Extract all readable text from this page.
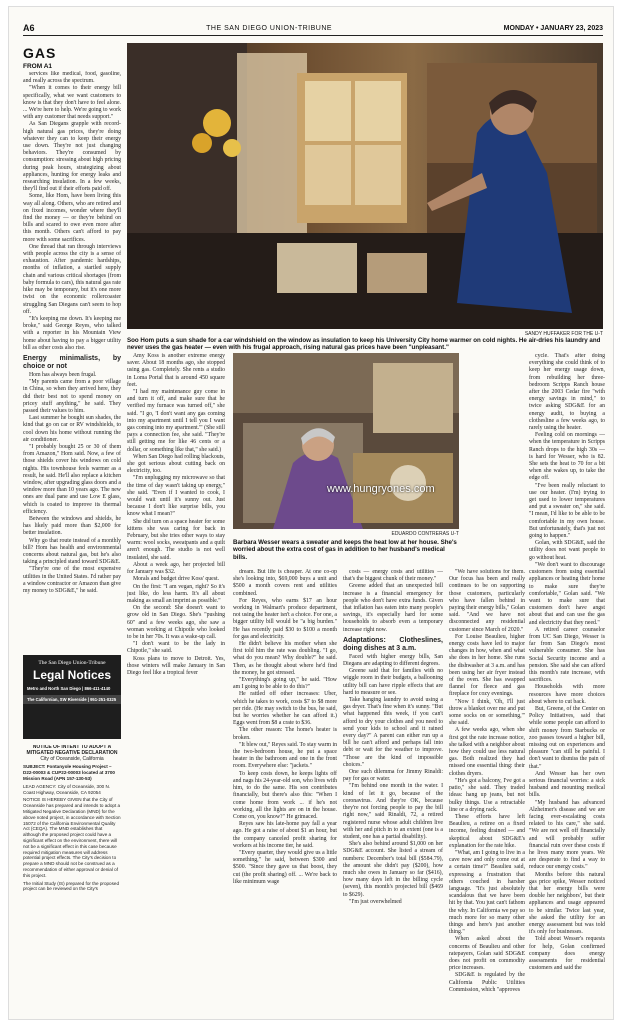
A6	THE SAN DIEGO UNION-TRIBUNE	MONDAY • JANUARY 23, 2023
GAS
FROM A1

services like medical, food, gasoline, and really across the spectrum.

"When it comes to their energy bill specifically, what we want customers to know is that they don't have to feel alone. ... We're here to help. We're going to work with any customer that needs support."

As San Diegans grapple with record-high natural gas prices, they're doing whatever they can to keep their energy use down. They're not just changing behaviors. They're consumed by consumption: stressing about high pricing during peak hours, strategizing about appliances, hunting for energy leaks and researching insulation. In a few weeks, they'll find out if their efforts paid off.

Some, like Hom, have been living this way all along. Others, who are retired and on fixed incomes, wonder where they'll find the money — or they're behind on bills and scared to owe even more after this month. Others can't afford to pay more with some sacrifices.

One thread that ran through interviews with people across the city is a sense of exhaustion. After pandemic hardships, months of inflation, a startled supply chain and various critical shortages (from baby formula to cars), this natural gas rate hike may be temporary, but it's one more twist on the economic rollercoaster struggling San Diegans can't seem to hop off.

"It's keeping me down. It's keeping me broke," said George Reyes, who talked with a reporter in his Mountain View home about having to pay a bigger utility bill as other costs also rise.

Energy minimalists, by choice or not

Hom has always been frugal.

"My parents came from a poor village in China, so when they arrived here, they did their best not to spend money on pricey stuff anything," he said. They passed their values to him.

Last summer he bought sun shades, the kind that go on car or RV windshields, to cool down his home without running the air conditioner.

"I probably bought 25 or 30 of them from Amazon," Hom said. Now, a few of those shields cover his windows on cold nights. His townhouse feels warmer as a result, he said. He'll also replace a kitchen window, after upgrading glass doors and a window more than 10 years ago. The new ones are dual pane and use Low E glass, which is coated to improve its thermal efficiency.

Between the windows and shields, he has likely paid more than $2,000 for better insulation.

Why go that route instead of a monthly bill? Hom has health and environmental concerns about natural gas, but he's also taking a principled stand toward SDG&E.

"They're one of the most expensive utilities in the United States. I'd rather pay a window contractor or Amazon than give my money to SDG&E," he said.

SANDY HUFFAKER FOR THE U-T
Soo Hom puts a sun shade for a car windshield on the window as insulation to keep his University City home warmer on cold nights. He air-dries his laundry and never uses the gas heater — even with his frugal approach, rising natural gas prices have been "unpleasant."

Amy Koss is another extreme energy saver. About 18 months ago, she stopped using gas. Completely. She rents a studio in Loma Portal that is around 450 square feet.

"I had my maintenance guy come in and turn it off, and make sure that he verified my furnace was turned off," she said. "I go, 'I don't want any gas coming into my apartment until I tell you I want gas coming into my apartment.'" (She still pays a connection fee, she said. "They're still getting me for like 46 cents or a dollar, or something like that," she said.)

When San Diego had rolling blackouts, she got serious about cutting back on electricity, too.

"I'm unplugging my microwave so that the time of day wasn't taking up energy," she said. "Even if I wanted to cook, I would wait until it's sunny out. Just because I don't like surprise bills, you know what I mean?"

She did turn on a space heater for some kittens she was caring for back in February, but she tries other ways to stay warm: wool socks, sweatpants and a quilt aren't enough. The studio is not well insulated, she said.

About a week ago, her projected bill for January was $32.

Morals and budget drive Koss' quest.

On the first: "I am vegan, right? So it's just like, do less harm. It's all about making as small an imprint as possible."

On the second: She doesn't want to grow old in San Diego. She's "pushing 60" and a few weeks ago, she saw a woman working at Chipotle who looked to be in her 70s. It was a wake-up call.

"I don't want to be the lady in Chipotle," she said.

Koss plans to move to Detroit. Yes, those winters will make January in San Diego feel like a tropical fever

www.hungryones.com
EDUARDO CONTRERAS U-T
Barbara Wesser wears a sweater and keeps the heat low at her house. She's worried about the extra cost of gas in addition to her husband's medical bills.

dream. But life is cheaper. At one co-op she's looking into, $69,000 buys a unit and $500 a month covers rent and utilities combined.

For Reyes, who earns $17 an hour working in Walmart's produce department, not using the heater isn't a choice. For one, a bigger utility bill would be "a big burden." He has recently paid $30 to $100 a month for gas and electricity.

He didn't believe his mother when she first told him the rate was doubling. "I go, what do you mean? Why double?" he said. Then, as he thought about where he'd find the money, he got stressed.

"Everything's going up," he said. "How am I going to be able to do this?"

He rattled off other increases: Uber, which he takes to work, costs $7 to $8 more per ride. (He may switch to the bus, he said, but he worries whether he can afford it.) Eggs went from $8 a crate to $36.

The other reason: The home's heater is broken.

"It blew out," Reyes said. To stay warm in the two-bedroom house, he put a space heater in the bathroom and one in the front room. Everywhere else: "jackets."

To keep costs down, he keeps lights off and nags his 24-year-old son, who lives with him, to do the same. His son contributes financially, but there's also this: "When I come home from work ... if he's not working, all the lights are on in the house. Come on, you know?" He grimaced.

Reyes saw his late-home pay fall a year ago. He got a raise of about $1 an hour, but the company canceled profit sharing for workers at his income tier, he said.

"Every quarter, they would give us a little something," he said, between $300 and $500. "Since they gave us that boost, they cut (the profit sharing) off. ... We're back to like minimum wage

costs — energy costs and utilities — that's the biggest chunk of their money."

Greene added that an unexpected bill increase is a financial emergency for people who don't have extra funds. Given that inflation has eaten into many people's savings, it's especially hard for some households to absorb even a temporary increase right now.

Adaptations: Clotheslines, doing dishes at 3 a.m.

Faced with higher energy bills, San Diegans are adapting to different degrees.

Greene said that for families with no wiggle room in their budgets, a ballooning utility bill can have ripple effects that are hard to measure or see.

Take hanging laundry to avoid using a gas dryer. That's fine when it's sunny. "But what happened this week, if you can't afford to dry your clothes and you need to send your kids to school and it rained every day?" A parent can either run up a bill he can't afford and perhaps fall into debt or wait for the weather to improve. "Those are the kind of impossible choices."

One such dilemma for Jimmy Rinaldi: pay for gas or water.

"I'm behind one month in the water. I kind of let it go, because of the coronavirus. And they're OK, because they're not forcing people to pay the bill right now," said Rinaldi, 72, a retired registered nurse whose adult children live with her and pitch in to an extent (one is a student, one has a partial disability).

She's also behind around $1,000 on her SDG&E account. She listed a stream of numbers: December's total bill ($584.79), the amount she didn't pay ($200), how much she owes in January so far ($416), how many days left in the billing cycle (seven), this month's projected bill ($469 to $629).

"I'm just overwhelmed

"We have solutions for them. Our focus has been and really continues to be on supporting those customers, particularly who have fallen behind in paying their energy bills," Golan said. "And we have not disconnected any residential customer since March of 2020."

For Louise Beaulieu, higher energy costs have led to major changes in how, when and what she does in her home. She runs the dishwasher at 3 a.m. and has been using her air fryer instead of the oven. She has swapped flannel for fleece and gas fireplace for cozy evenings.

"Now I think, 'Oh, I'll just throw a blanket over me and put some socks on or something,'" she said.

A few weeks ago, when she first got the rate increase notice, she talked with a neighbor about how they could use less natural gas. Both realized they had missed one essential thing: their clothes dryers.

"He's got a balcony, I've got a patio," she said. They traded ideas: hang up jeans, but not bulky things. Use a retractable line or a drying rack.

These efforts have left Beaulieu, a retiree on a fixed income, feeling drained — and skeptical about SDG&E's explanation for the rate hike.

"What, am I going to live in a cave now and only come out at a certain time?" Beaulieu said, expressing a frustration that others couched in harsher language. "It's just absolutely scandalous that we have been hit by that. You just can't fathom the why. In California we pay so much more for so many other things and here's just another thing."

When asked about the concerns of Beaulieu and other ratepayers, Golan said SDG&E does not profit on commodity price increases.

SDG&E is regulated by the California Public Utilities Commission, which "approves

cycle. That's after doing everything she could think of to keep her energy usage down, from rebuilding her three-bedroom Scripps Ranch house after the 2003 Cedar fire "with energy savings in mind," to twice asking SDG&E for an energy audit, to buying a clothesline a few weeks ago, to rarely using the heater.

Feeling cold on mornings — when the temperature in Scripps Ranch drops to the high 30s — is hard for Wesser, who is 82. She sets the heat to 70 for a bit when she wakes up, to take the edge off.

"I've been really reluctant to use our heater. (I'm) trying to get used to lower temperatures and put a sweater on," she said. "I mean, I'd like to be able to be comfortable in my own house. But unfortunately, that's just not going to happen."

Golan, with SDG&E, said the utility does not want people to go without heat.

"We don't want to discourage customers from using essential appliances or heating their home to make sure they're comfortable," Golan said. "We want to make sure that customers don't have angst about that and can use the gas and electricity that they need."

A retired career counselor from UC San Diego, Wesser is far from San Diego's most vulnerable consumer. She has Social Security income and a pension. She said she can afford this month's rate increase, with sacrifices.

Households with more resources have more choices about where to cut back.

But, Greene, of the Center on Policy Initiatives, said that while some people can afford to shift money from Starbucks or zoo passes toward a higher bill, missing out on experiences and pleasure "can still be painful. I don't want to dismiss the pain of that."

And Wesser has her own serious financial worries: a sick husband and mounting medical bills.

"My husband has advanced Alzheimer's disease and we are facing ever-escalating costs related to his care," she said. "We are not well off financially and will probably suffer financial ruin over these costs if he lives many more years. We are desperate to find a way to reduce our energy costs."

Months before this natural gas price spike, Wesser noticed that her energy bills were double her neighbors', but their appliances and usage appeared to be similar. Twice last year, she asked the utility for an energy assessment but was told it's only for businesses.

Told about Wesser's requests for help, Golan confirmed company does energy assessments for residential customers and said the

The San Diego Union-Tribune
Legal Notices
Metro and North San Diego | 866-411-4140
The Californian, SW Riverside | 951-251-0325
NOTICE OF INTENT TO ADOPT A MITIGATED NEGATIVE DECLARATION
City of Oceanside, California
SUBJECT: Fontanyole Housing Project – D22-00003 & CUP22-00003 located at 3700 Mission Road (APN 157-130-53)
LEAD AGENCY: City of Oceanside, 300 N. Coast Highway, Oceanside, CA 92054
NOTICE IS HEREBY GIVEN that the City of Oceanside has prepared and intends to adopt a Mitigated Negative Declaration (MND) for the above noted project, in accordance with Section 15072 of the California Environmental Quality Act (CEQA). The MND establishes that although the proposed project could have a significant effect on the environment, there will not be a significant effect in this case because required mitigation measures will address potential project effects. The City's decision to prepare a MND should not be construed as a recommendation of either approval or denial of this project.
The Initial Study (IS) prepared for the proposed project can be reviewed on the City's
